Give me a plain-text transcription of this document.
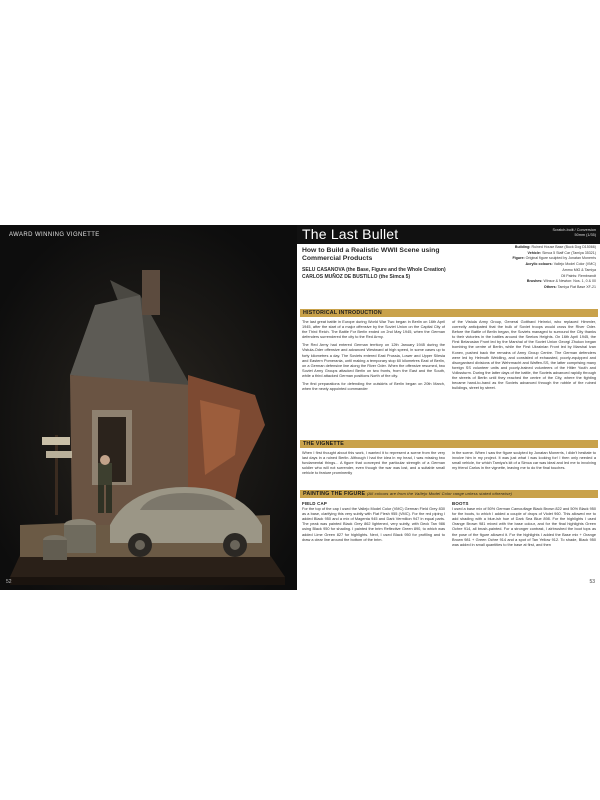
AWARD WINNING VIGNETTE
52
The Last Bullet	Scratch-built / Conversion
50mm (1/35)
How to Build a Realistic WWII Scene using Commercial Products
SELU CASANOVA (the Base, Figure and the Whole Creation)
CARLOS MUÑOZ DE BUSTILLO (the Simca 5)
Building: Ruined House Base (Buck Dog D15066)
Vehicle: Simca 5 Staff Car (Tamiya 35321)
Figure: Original figure sculpted by Jonatan Monerris
Acrylic colours: Vallejo Model Color (VMC)
Ammo MiG & Tamiya
Oil Paints: Rembrandt
Brushes: Winsor & Newton: Nos. 1, 0 & 00
Others: Tamiya Flat Base XF-21
HISTORICAL INTRODUCTION

The last great battle in Europe during World War Two began in Berlin on 16th April 1945, after the start of a major offensive by the Soviet Union on the Capital City of the Third Reich. The Battle For Berlin ended on 2nd May 1945, when the German defenders surrendered the city to the Red Army.

The Red Army had entered German territory on 12th January 1945 during the Vistula-Oder offensive and advanced Westward at high speed, in some cases up to forty kilometres a day. The Soviets entered East Prussia, Lower and Upper Silesia and Eastern Pomerania, until making a temporary stop 60 kilometres East of Berlin, on a German defensive line along the River Oder. When the offensive resumed, two Soviet Army Groups attacked Berlin on two fronts, from the East and the South, while a third attacked German positions North of the city.

The first preparations for defending the outskirts of Berlin began on 20th March, when the newly appointed commander

of the Vistula Army Group, General Gotthard Heinrici, who replaced Himmler, correctly anticipated that the bulk of Soviet troops would cross the River Oder. Before the Battle of Berlin began, the Soviets managed to surround the City thanks to their victories in the battles around the Seelow Heights. On 16th April 1945, the First Belarusian Front led by the Marshal of the Soviet Union Georgi Zhukov began bombing the centre of Berlin, while the First Ukrainian Front led by Marshal Ivan Konev, pushed back the remains of Army Group Centre. The German defenders were led by Helmuth Weidling, and consisted of exhausted, poorly-equipped and disorganised divisions of the Wehrmacht and Waffen-SS, the latter comprising many foreign SS volunteer units and poorly-trained volunteers of the Hitler Youth and Volkssturm. During the latter days of the battle, the Soviets advanced rapidly through the streets of Berlin until they reached the centre of the City, where the fighting became hand-to-hand as the Soviets advanced through the rubble of the ruined buildings, street by street.

THE VIGNETTE

When I first thought about this work, I wanted it to represent a scene from the very last days in a ruined Berlin. Although I had the idea in my head, I was missing two fundamental things... A figure that conveyed the particular strength of a German soldier who will not surrender, even though the war was lost, and a suitable small vehicle to feature prominently

in the scene. When I saw the figure sculpted by Jonatan Monerris, I didn't hesitate to involve him in my project. It was just what I was looking for! I then only needed a small vehicle, for which Tamiya's kit of a Simca car was ideal and led me to involving my friend Carlos in the vignette, leaving me to do the final touches.

PAINTING THE FIGURE (All colours are from the Vallejo Model Color range unless stated otherwise)
FIELD CAP

For the top of the cap I used the Vallejo Model Color (VMC) German Field Grey 830 as a base, clarifying this very subtly with Flat Flesh 955 (VMC). For the red piping I added Black 950 and a mix of Magenta 945 and Dark Vermilion 947 in equal parts. The peak was painted Black Grey 862 lightened, very subtly, with Deck Tan 986 using Black 950 for shading. I painted the brim Reflective Green 890, to which was added Lime Green 827 for highlights. Next, I used Black 950 for profiling and to draw a clear line around the bottom of the brim.

BOOTS

I used a base mix of 50% German Camouflage Black Brown 822 and 50% Black 950 for the boots, to which I added a couple of drops of Violet 960. This allowed me to add shading with a blue-ish hue of Dark Sea Blue 898. For the highlights I used Orange Brown 981 mixed with the base colour, and for the final highlights Green Ochre 914, all brush-painted. For a stronger contrast, I airbrushed the boot tops as the pose of the figure allowed it. For the highlights I added the Base mix + Orange Brown 981 + Green Ochre 914 and a spot of Tan Yellow 912. To shade, Black 950 was added in small quantities to the base at first, and then

53
